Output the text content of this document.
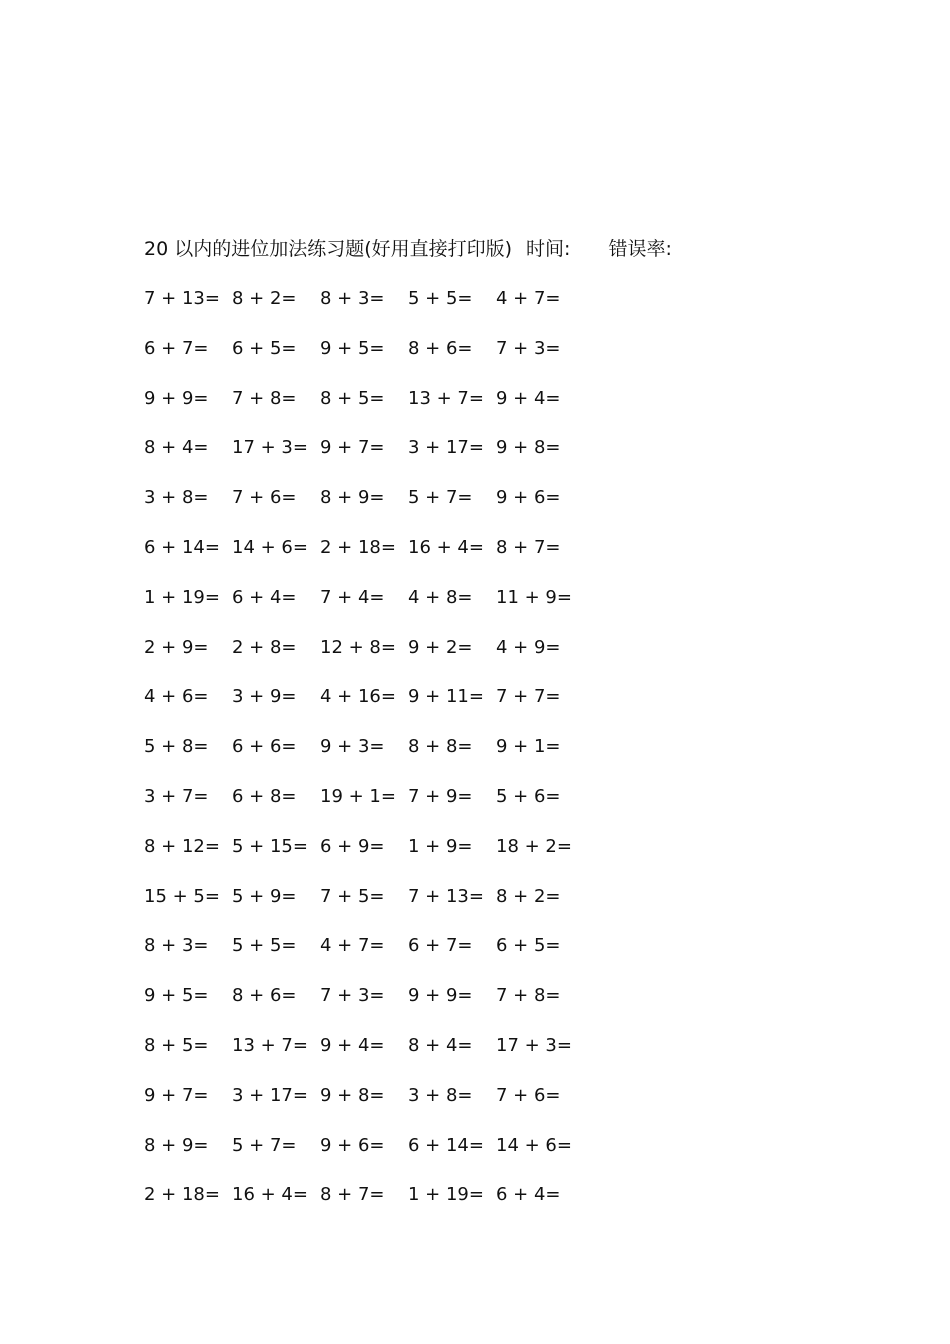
20 以内的进位加法练习题(好用直接打印版) 时间: 错误率:
7 + 13= 8 + 2= 8 + 3= 5 + 5= 4 + 7=
6 + 7= 6 + 5= 9 + 5= 8 + 6= 7 + 3=
9 + 9= 7 + 8= 8 + 5= 13 + 7= 9 + 4=
8 + 4= 17 + 3= 9 + 7= 3 + 17= 9 + 8=
3 + 8= 7 + 6= 8 + 9= 5 + 7= 9 + 6=
6 + 14= 14 + 6= 2 + 18= 16 + 4= 8 + 7=
1 + 19= 6 + 4= 7 + 4= 4 + 8= 11 + 9=
2 + 9= 2 + 8= 12 + 8= 9 + 2= 4 + 9=
4 + 6= 3 + 9= 4 + 16= 9 + 11= 7 + 7=
5 + 8= 6 + 6= 9 + 3= 8 + 8= 9 + 1=
3 + 7= 6 + 8= 19 + 1= 7 + 9= 5 + 6=
8 + 12= 5 + 15= 6 + 9= 1 + 9= 18 + 2=
15 + 5= 5 + 9= 7 + 5= 7 + 13= 8 + 2=
8 + 3= 5 + 5= 4 + 7= 6 + 7= 6 + 5=
9 + 5= 8 + 6= 7 + 3= 9 + 9= 7 + 8=
8 + 5= 13 + 7= 9 + 4= 8 + 4= 17 + 3=
9 + 7= 3 + 17= 9 + 8= 3 + 8= 7 + 6=
8 + 9= 5 + 7= 9 + 6= 6 + 14= 14 + 6=
2 + 18= 16 + 4= 8 + 7= 1 + 19= 6 + 4=
